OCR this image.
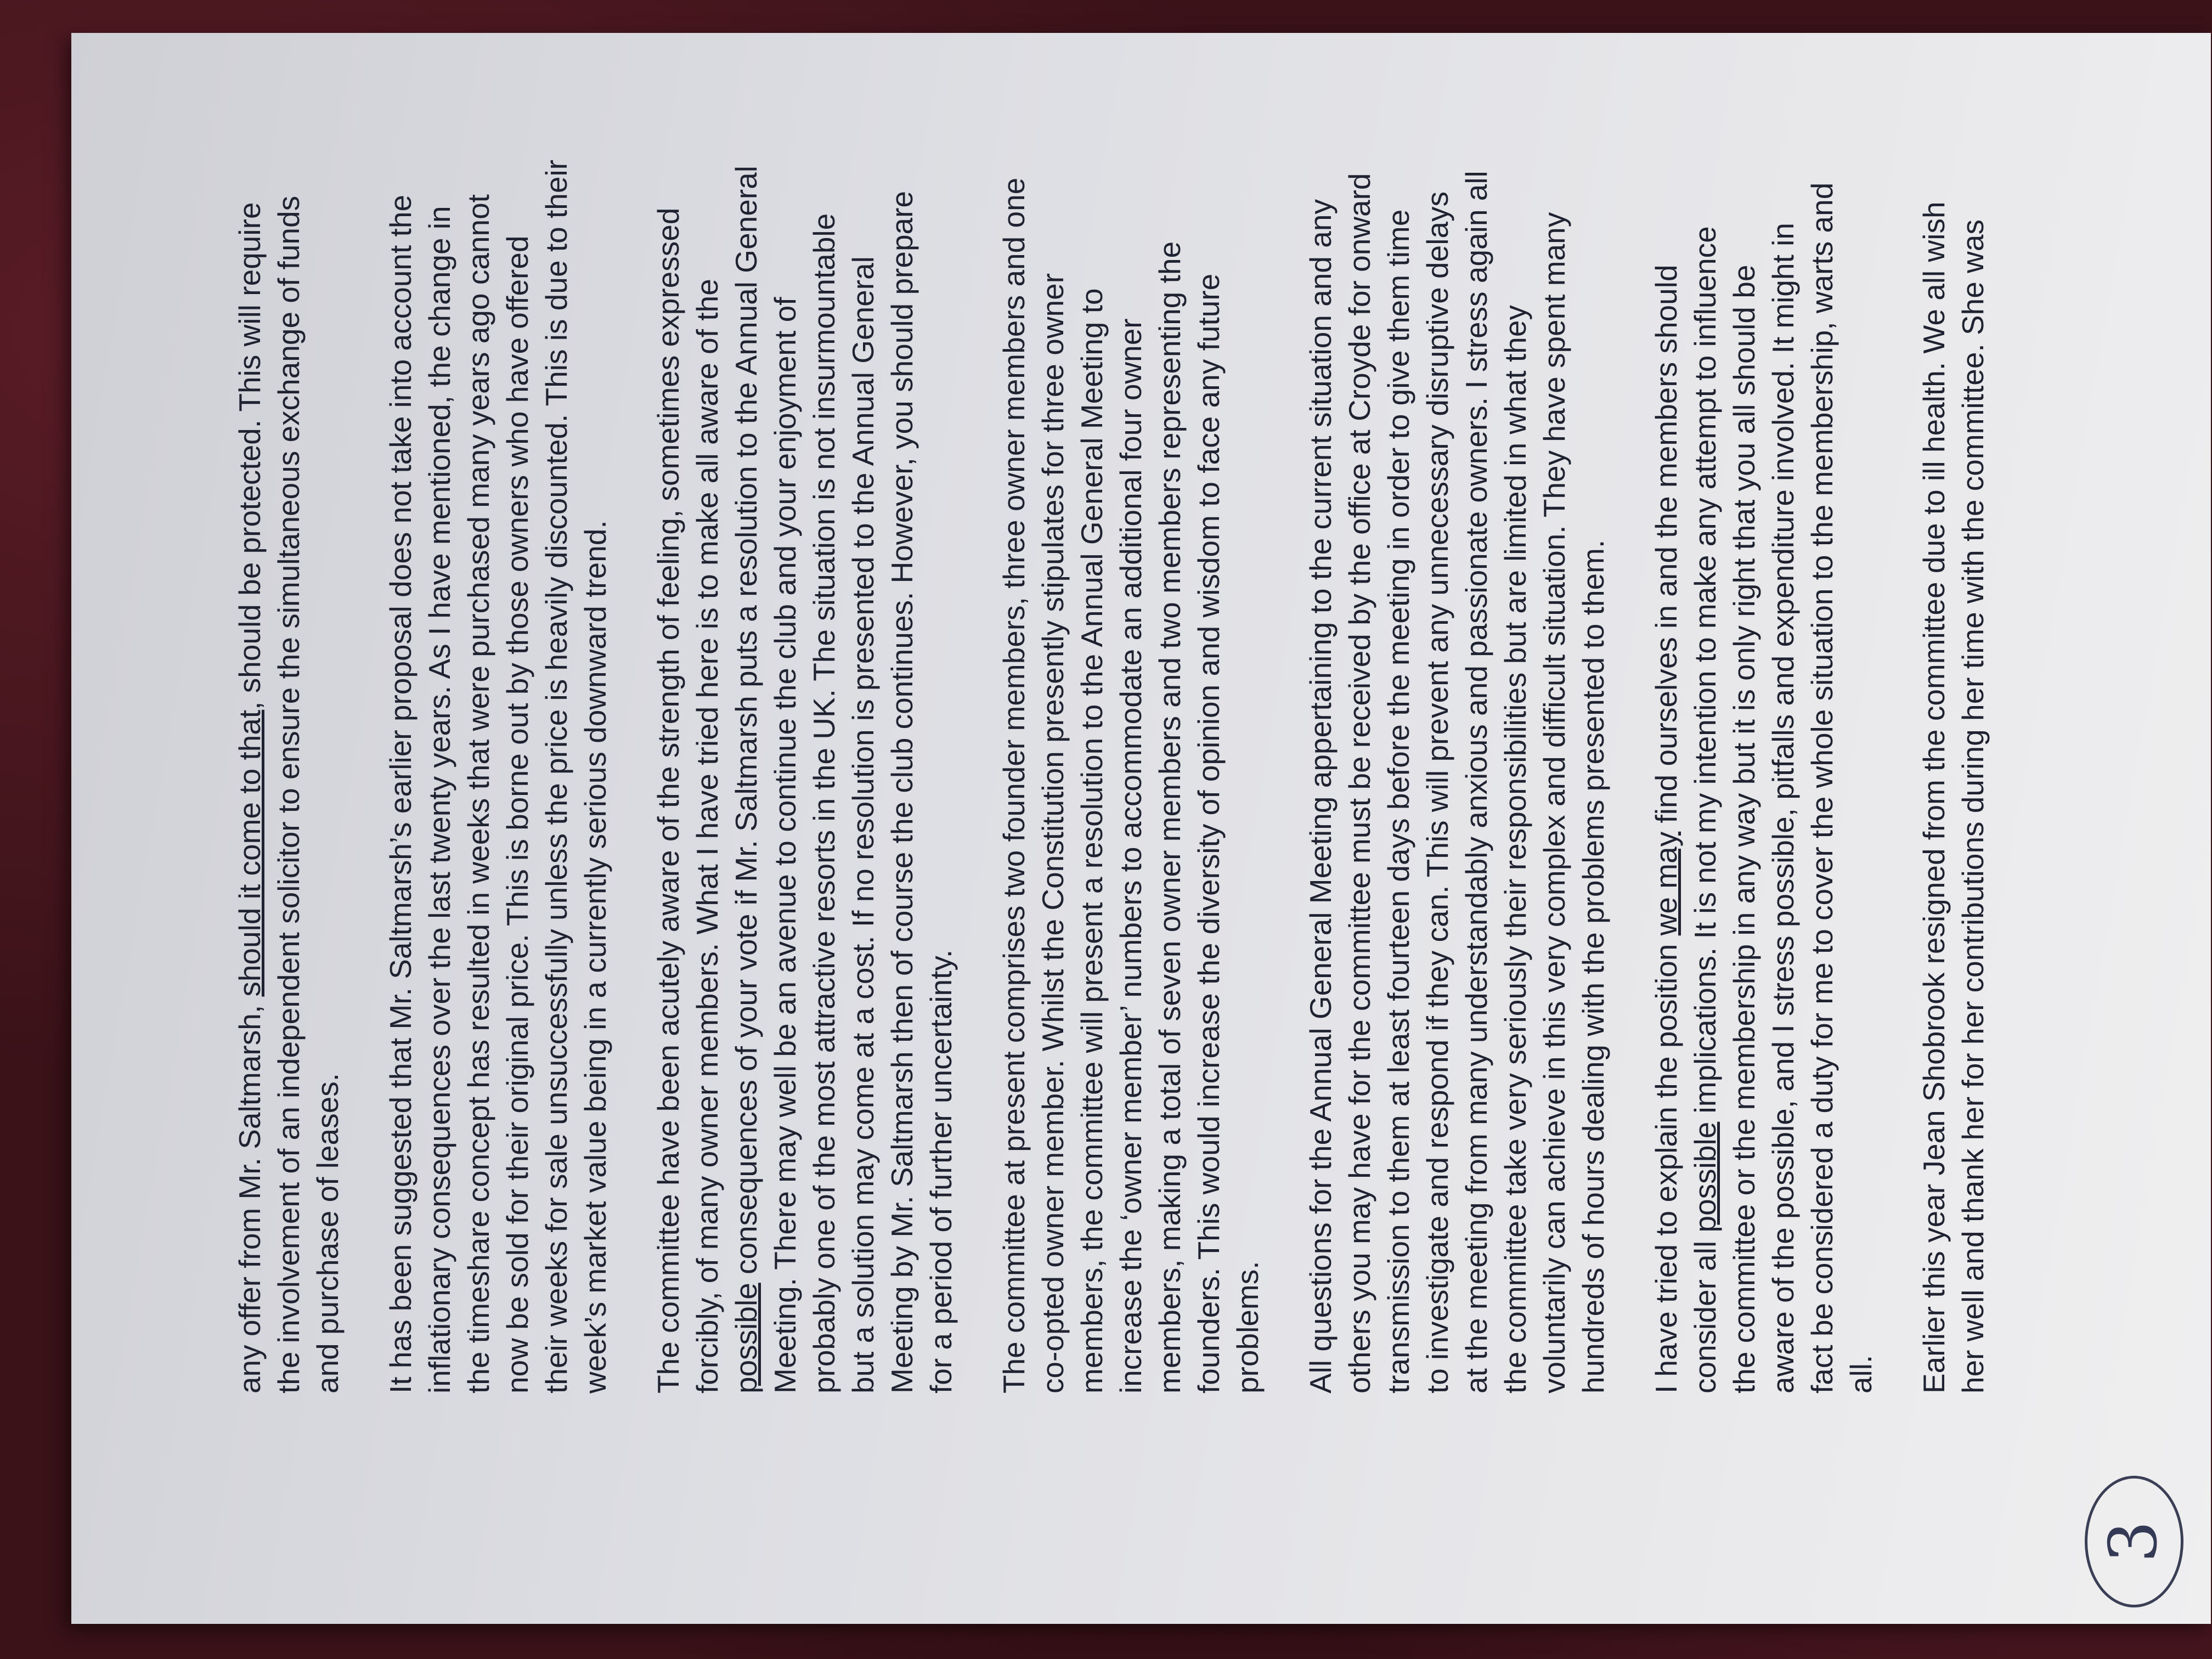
3

any offer from Mr. Saltmarsh, should it come to that, should be protected. This will require the involvement of an independent solicitor to ensure the simultaneous exchange of funds and purchase of leases. It has been suggested that Mr. Saltmarsh’s earlier proposal does not take into account the inflationary consequences over the last twenty years. As I have mentioned, the change in the timeshare concept has resulted in weeks that were purchased many years ago cannot now be sold for their original price. This is borne out by those owners who have offered their weeks for sale unsuccessfully unless the price is heavily discounted. This is due to their week’s market value being in a currently serious downward trend. The committee have been acutely aware of the strength of feeling, sometimes expressed forcibly, of many owner members. What I have tried here is to make all aware of the possible consequences of your vote if Mr. Saltmarsh puts a resolution to the Annual General Meeting. There may well be an avenue to continue the club and your enjoyment of probably one of the most attractive resorts in the UK. The situation is not insurmountable but a solution may come at a cost. If no resolution is presented to the Annual General Meeting by Mr. Saltmarsh then of course the club continues. However, you should prepare for a period of further uncertainty. The committee at present comprises two founder members, three owner members and one co-opted owner member. Whilst the Constitution presently stipulates for three owner members, the committee will present a resolution to the Annual General Meeting to increase the ‘owner member’ numbers to accommodate an additional four owner members, making a total of seven owner members and two members representing the founders. This would increase the diversity of opinion and wisdom to face any future problems. All questions for the Annual General Meeting appertaining to the current situation and any others you may have for the committee must be received by the office at Croyde for onward transmission to them at least fourteen days before the meeting in order to give them time to investigate and respond if they can. This will prevent any unnecessary disruptive delays at the meeting from many understandably anxious and passionate owners. I stress again all the committee take very seriously their responsibilities but are limited in what they voluntarily can achieve in this very complex and difficult situation. They have spent many hundreds of hours dealing with the problems presented to them. I have tried to explain the position we may find ourselves in and the members should
consider all possible implications. It is not my intention to make any attempt to influence the committee or the membership in any way but it is only right that you all should be aware of the possible, and I stress possible, pitfalls and expenditure involved. It might in fact be considered a duty for me to cover the whole situation to the membership, warts and all. Earlier this year Jean Shobrook resigned from the committee due to ill health. We all wish her well and thank her for her contributions during her time with the committee. She was
